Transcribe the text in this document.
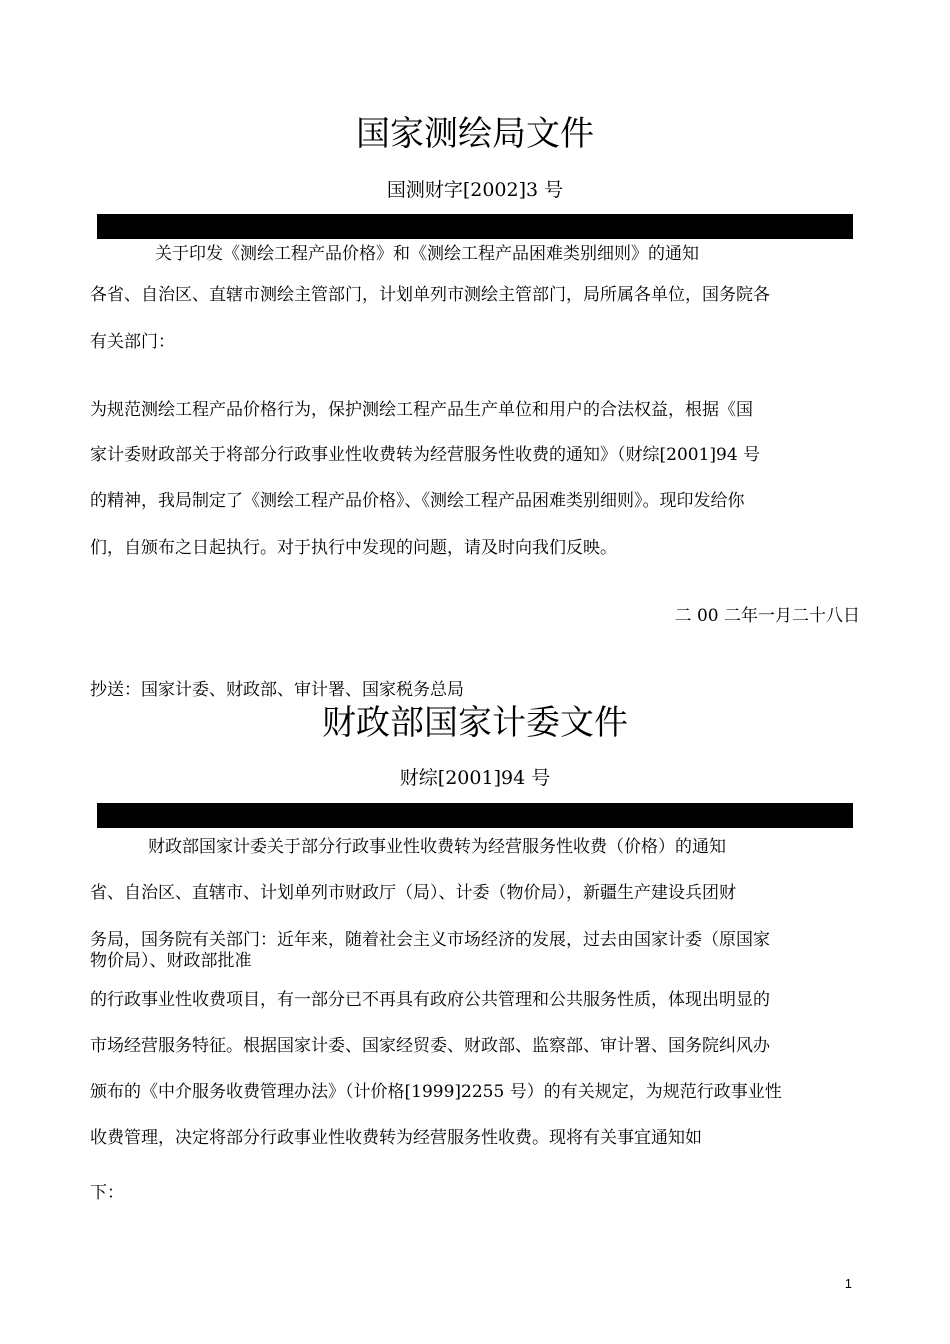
国家测绘局文件
国测财字[2002]3 号
关于印发《测绘工程产品价格》和《测绘工程产品困难类别细则》的通知
各省、自治区、直辖市测绘主管部门，计划单列市测绘主管部门，局所属各单位，国务院各
有关部门：
为规范测绘工程产品价格行为，保护测绘工程产品生产单位和用户的合法权益，根据《国
家计委财政部关于将部分行政事业性收费转为经营服务性收费的通知》（财综[2001]94 号
的精神，我局制定了《测绘工程产品价格》、《测绘工程产品困难类别细则》。现印发给你
们，自颁布之日起执行。对于执行中发现的问题，请及时向我们反映。
二 00 二年一月二十八日
抄送：国家计委、财政部、审计署、国家税务总局
财政部国家计委文件
财综[2001]94 号
财政部国家计委关于部分行政事业性收费转为经营服务性收费（价格）的通知
省、自治区、直辖市、计划单列市财政厅（局）、计委（物价局），新疆生产建设兵团财
务局，国务院有关部门：近年来，随着社会主义市场经济的发展，过去由国家计委（原国家
物价局）、财政部批准
的行政事业性收费项目，有一部分已不再具有政府公共管理和公共服务性质，体现出明显的
市场经营服务特征。根据国家计委、国家经贸委、财政部、监察部、审计署、国务院纠风办
颁布的《中介服务收费管理办法》（计价格[1999]2255 号）的有关规定，为规范行政事业性
收费管理，决定将部分行政事业性收费转为经营服务性收费。现将有关事宜通知如
下：
1
